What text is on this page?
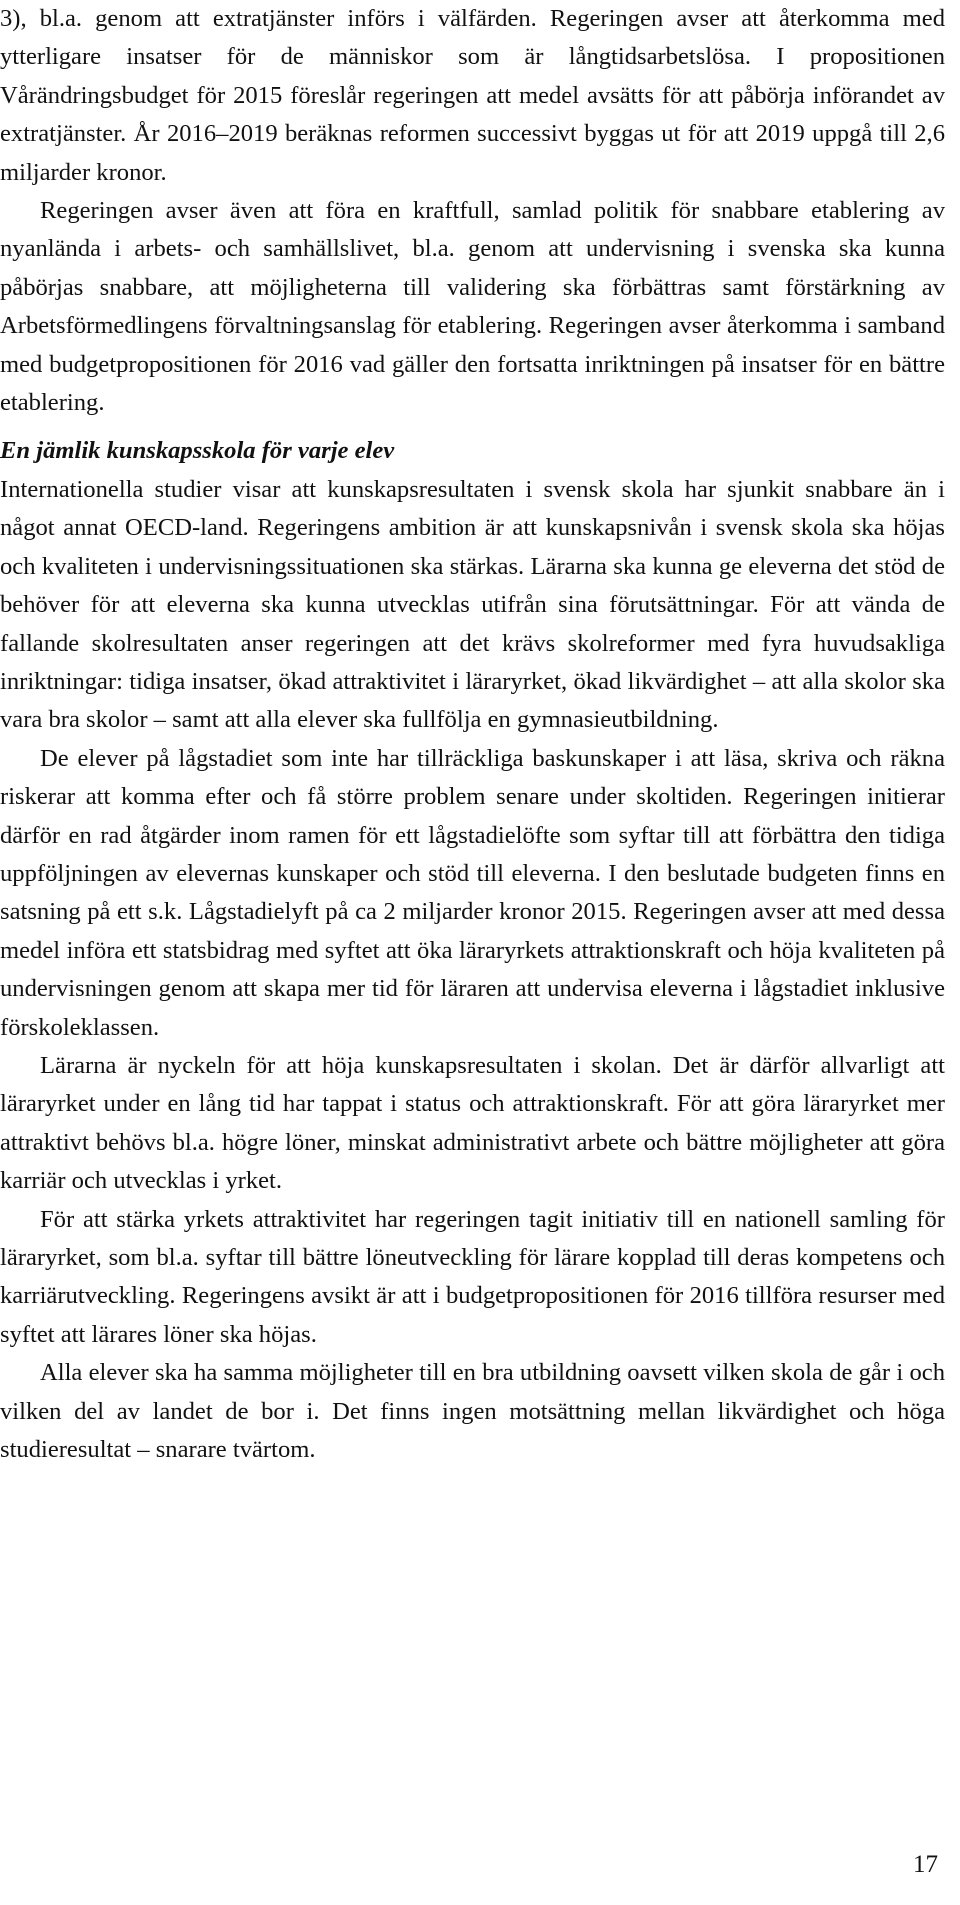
3), bl.a. genom att extratjänster införs i välfärden. Regeringen avser att återkomma med ytterligare insatser för de människor som är långtidsarbetslösa. I propositionen Vårändringsbudget för 2015 föreslår regeringen att medel avsätts för att påbörja införandet av extratjänster. År 2016–2019 beräknas reformen successivt byggas ut för att 2019 uppgå till 2,6 miljarder kronor.

Regeringen avser även att föra en kraftfull, samlad politik för snabbare etablering av nyanlända i arbets- och samhällslivet, bl.a. genom att undervisning i svenska ska kunna påbörjas snabbare, att möjligheterna till validering ska förbättras samt förstärkning av Arbetsförmedlingens förvaltningsanslag för etablering. Regeringen avser återkomma i samband med budgetpropositionen för 2016 vad gäller den fortsatta inriktningen på insatser för en bättre etablering.

En jämlik kunskapsskola för varje elev

Internationella studier visar att kunskapsresultaten i svensk skola har sjunkit snabbare än i något annat OECD-land. Regeringens ambition är att kunskapsnivån i svensk skola ska höjas och kvaliteten i undervisningssituationen ska stärkas. Lärarna ska kunna ge eleverna det stöd de behöver för att eleverna ska kunna utvecklas utifrån sina förutsättningar. För att vända de fallande skolresultaten anser regeringen att det krävs skolreformer med fyra huvudsakliga inriktningar: tidiga insatser, ökad attraktivitet i läraryrket, ökad likvärdighet – att alla skolor ska vara bra skolor – samt att alla elever ska fullfölja en gymnasieutbildning.

De elever på lågstadiet som inte har tillräckliga baskunskaper i att läsa, skriva och räkna riskerar att komma efter och få större problem senare under skoltiden. Regeringen initierar därför en rad åtgärder inom ramen för ett lågstadielöfte som syftar till att förbättra den tidiga uppföljningen av elevernas kunskaper och stöd till eleverna. I den beslutade budgeten finns en satsning på ett s.k. Lågstadielyft på ca 2 miljarder kronor 2015. Regeringen avser att med dessa medel införa ett statsbidrag med syftet att öka läraryrkets attraktionskraft och höja kvaliteten på undervisningen genom att skapa mer tid för läraren att undervisa eleverna i lågstadiet inklusive förskoleklassen.

Lärarna är nyckeln för att höja kunskapsresultaten i skolan. Det är därför allvarligt att läraryrket under en lång tid har tappat i status och attraktionskraft. För att göra läraryrket mer attraktivt behövs bl.a. högre löner, minskat administrativt arbete och bättre möjligheter att göra karriär och utvecklas i yrket.

För att stärka yrkets attraktivitet har regeringen tagit initiativ till en nationell samling för läraryrket, som bl.a. syftar till bättre löneutveckling för lärare kopplad till deras kompetens och karriärutveckling. Regeringens avsikt är att i budgetpropositionen för 2016 tillföra resurser med syftet att lärares löner ska höjas.

Alla elever ska ha samma möjligheter till en bra utbildning oavsett vilken skola de går i och vilken del av landet de bor i. Det finns ingen motsättning mellan likvärdighet och höga studieresultat – snarare tvärtom.

17
